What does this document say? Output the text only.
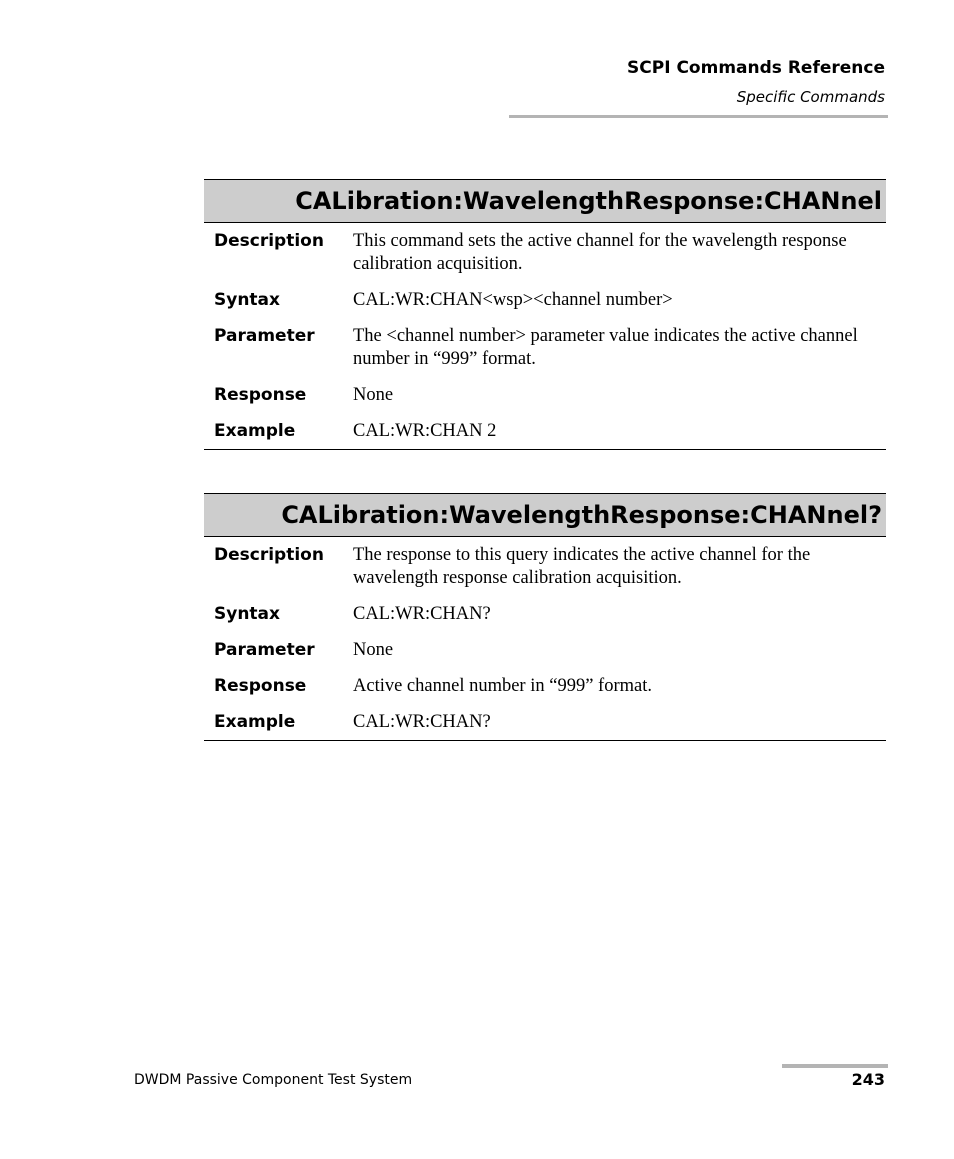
SCPI Commands Reference
Specific Commands
CALibration:WavelengthResponse:CHANnel
Description	This command sets the active channel for the wavelength response calibration acquisition.
Syntax	CAL:WR:CHAN<wsp><channel number>
Parameter	The <channel number> parameter value indicates the active channel number in “999” format.
Response	None
Example	CAL:WR:CHAN 2
CALibration:WavelengthResponse:CHANnel?
Description	The response to this query indicates the active channel for the wavelength response calibration acquisition.
Syntax	CAL:WR:CHAN?
Parameter	None
Response	Active channel number in “999” format.
Example	CAL:WR:CHAN?
DWDM Passive Component Test System	243
